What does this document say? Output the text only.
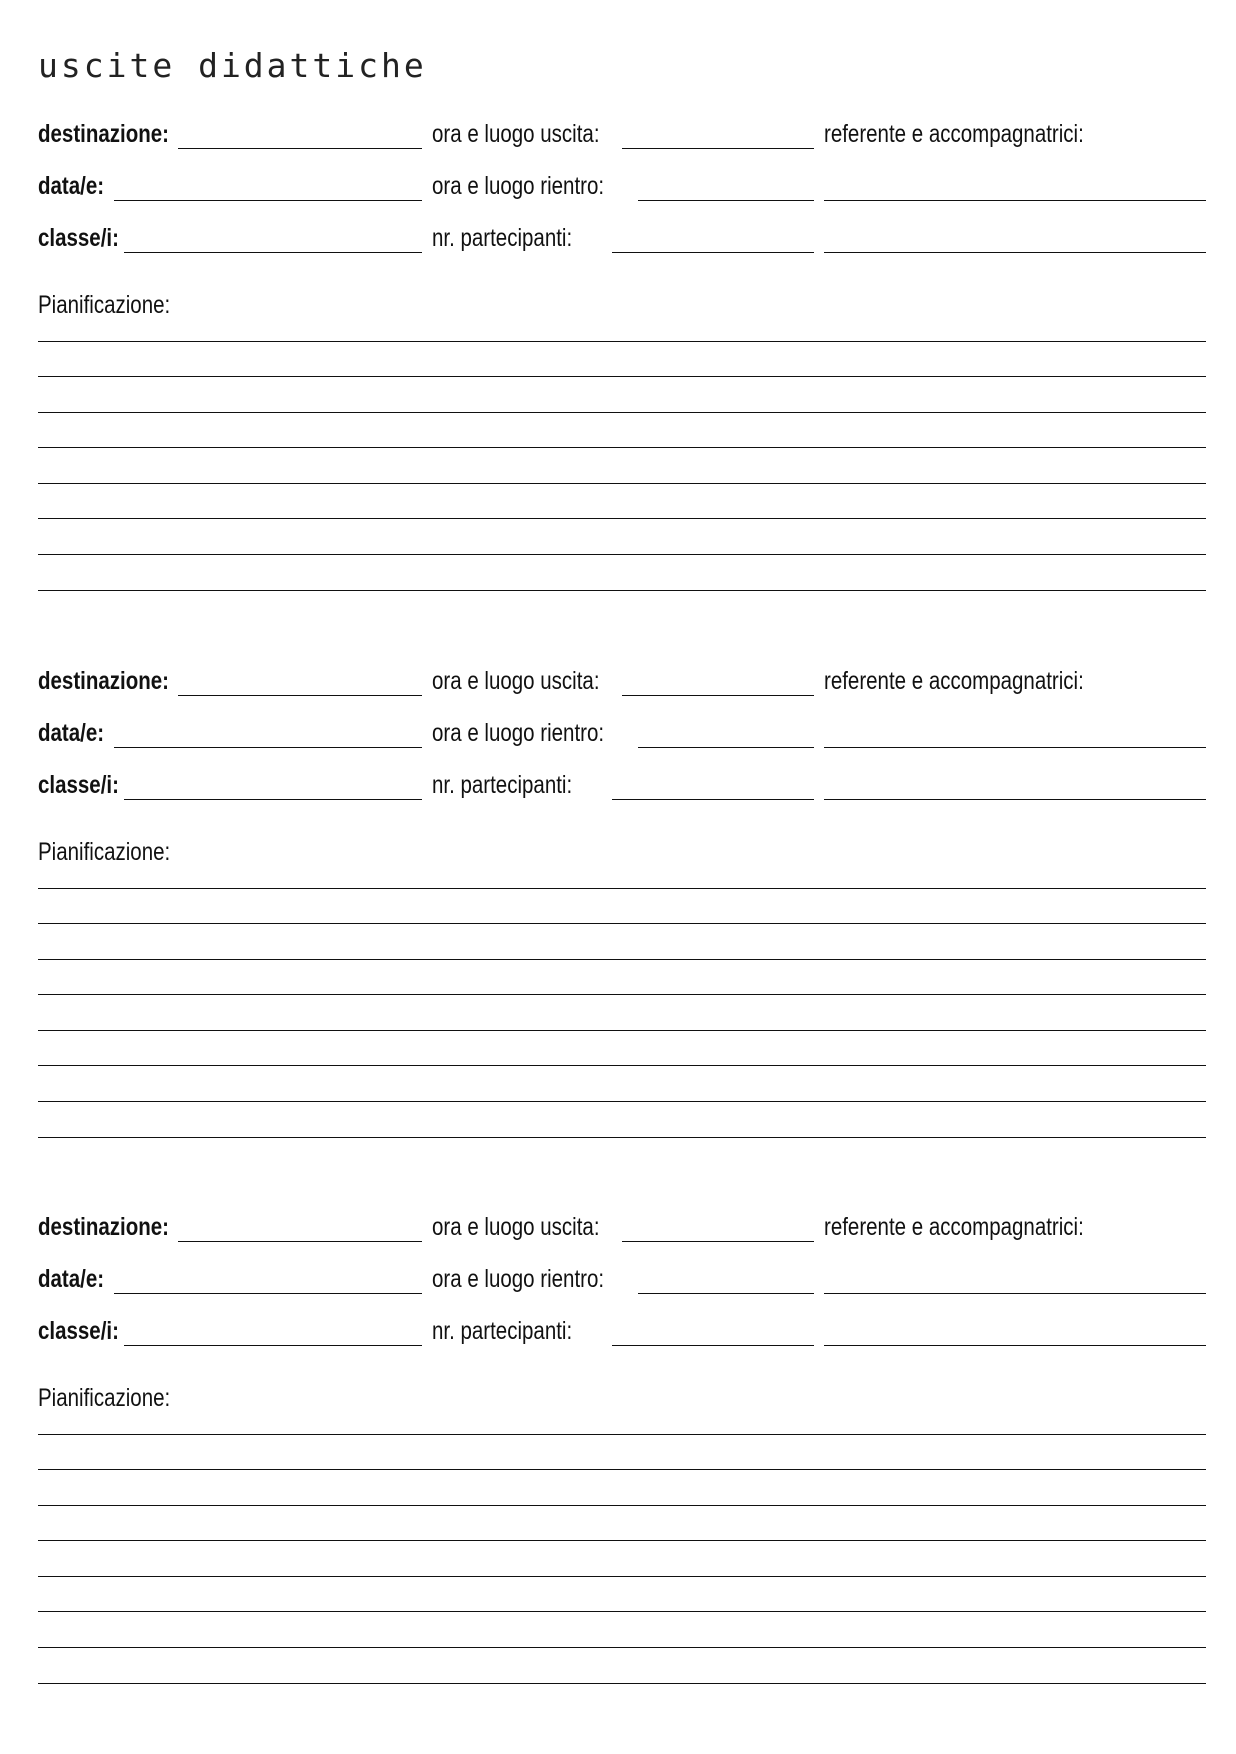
uscite didattiche
destinazione:	ora e luogo uscita:	referente e accompagnatrici:
data/e:	ora e luogo rientro:
classe/i:	nr. partecipanti:
Pianificazione:
destinazione:	ora e luogo uscita:	referente e accompagnatrici:
data/e:	ora e luogo rientro:
classe/i:	nr. partecipanti:
Pianificazione:
destinazione:	ora e luogo uscita:	referente e accompagnatrici:
data/e:	ora e luogo rientro:
classe/i:	nr. partecipanti:
Pianificazione:
